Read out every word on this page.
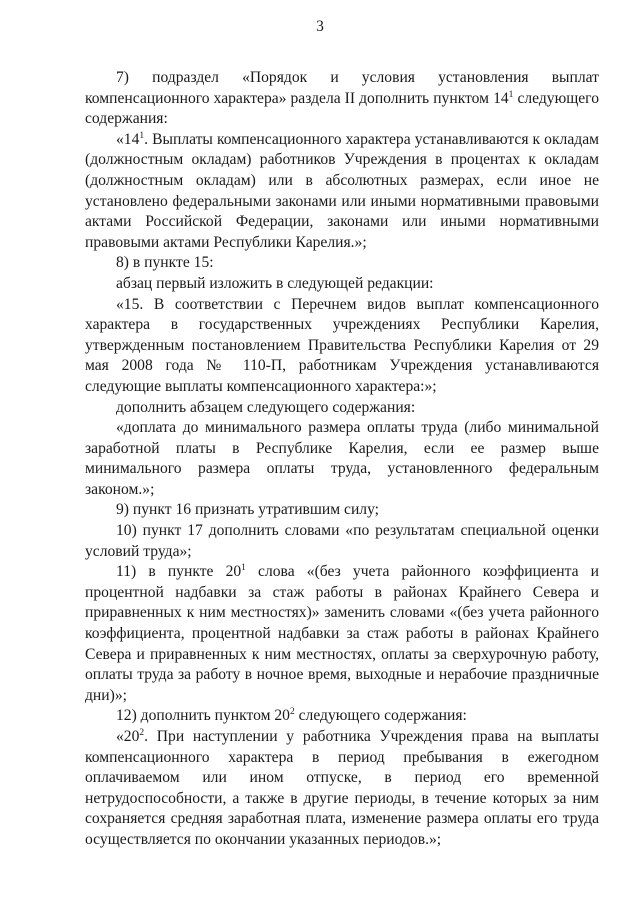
3

7) подраздел «Порядок и условия установления выплат компенсационного характера» раздела II дополнить пунктом $14^1$ следующего содержания:

«$14^1$. Выплаты компенсационного характера устанавливаются к окладам (должностным окладам) работников Учреждения в процентах к окладам (должностным окладам) или в абсолютных размерах, если иное не установлено федеральными законами или иными нормативными правовыми актами Российской Федерации, законами или иными нормативными правовыми актами Республики Карелия.»;

8) в пункте 15:

абзац первый изложить в следующей редакции:

«15. В соответствии с Перечнем видов выплат компенсационного характера в государственных учреждениях Республики Карелия, утвержденным постановлением Правительства Республики Карелия от 29 мая 2008 года № 110-П, работникам Учреждения устанавливаются следующие выплаты компенсационного характера:»;

дополнить абзацем следующего содержания:

«доплата до минимального размера оплаты труда (либо минимальной заработной платы в Республике Карелия, если ее размер выше минимального размера оплаты труда, установленного федеральным законом.»;

9) пункт 16 признать утратившим силу;

10) пункт 17 дополнить словами «по результатам специальной оценки условий труда»;

11) в пункте $20^1$ слова «(без учета районного коэффициента и процентной надбавки за стаж работы в районах Крайнего Севера и приравненных к ним местностях)» заменить словами «(без учета районного коэффициента, процентной надбавки за стаж работы в районах Крайнего Севера и приравненных к ним местностях, оплаты за сверхурочную работу, оплаты труда за работу в ночное время, выходные и нерабочие праздничные дни)»;

12) дополнить пунктом $20^2$ следующего содержания:

«$20^2$. При наступлении у работника Учреждения права на выплаты компенсационного характера в период пребывания в ежегодном оплачиваемом или ином отпуске, в период его временной нетрудоспособности, а также в другие периоды, в течение которых за ним сохраняется средняя заработная плата, изменение размера оплаты его труда осуществляется по окончании указанных периодов.»;
